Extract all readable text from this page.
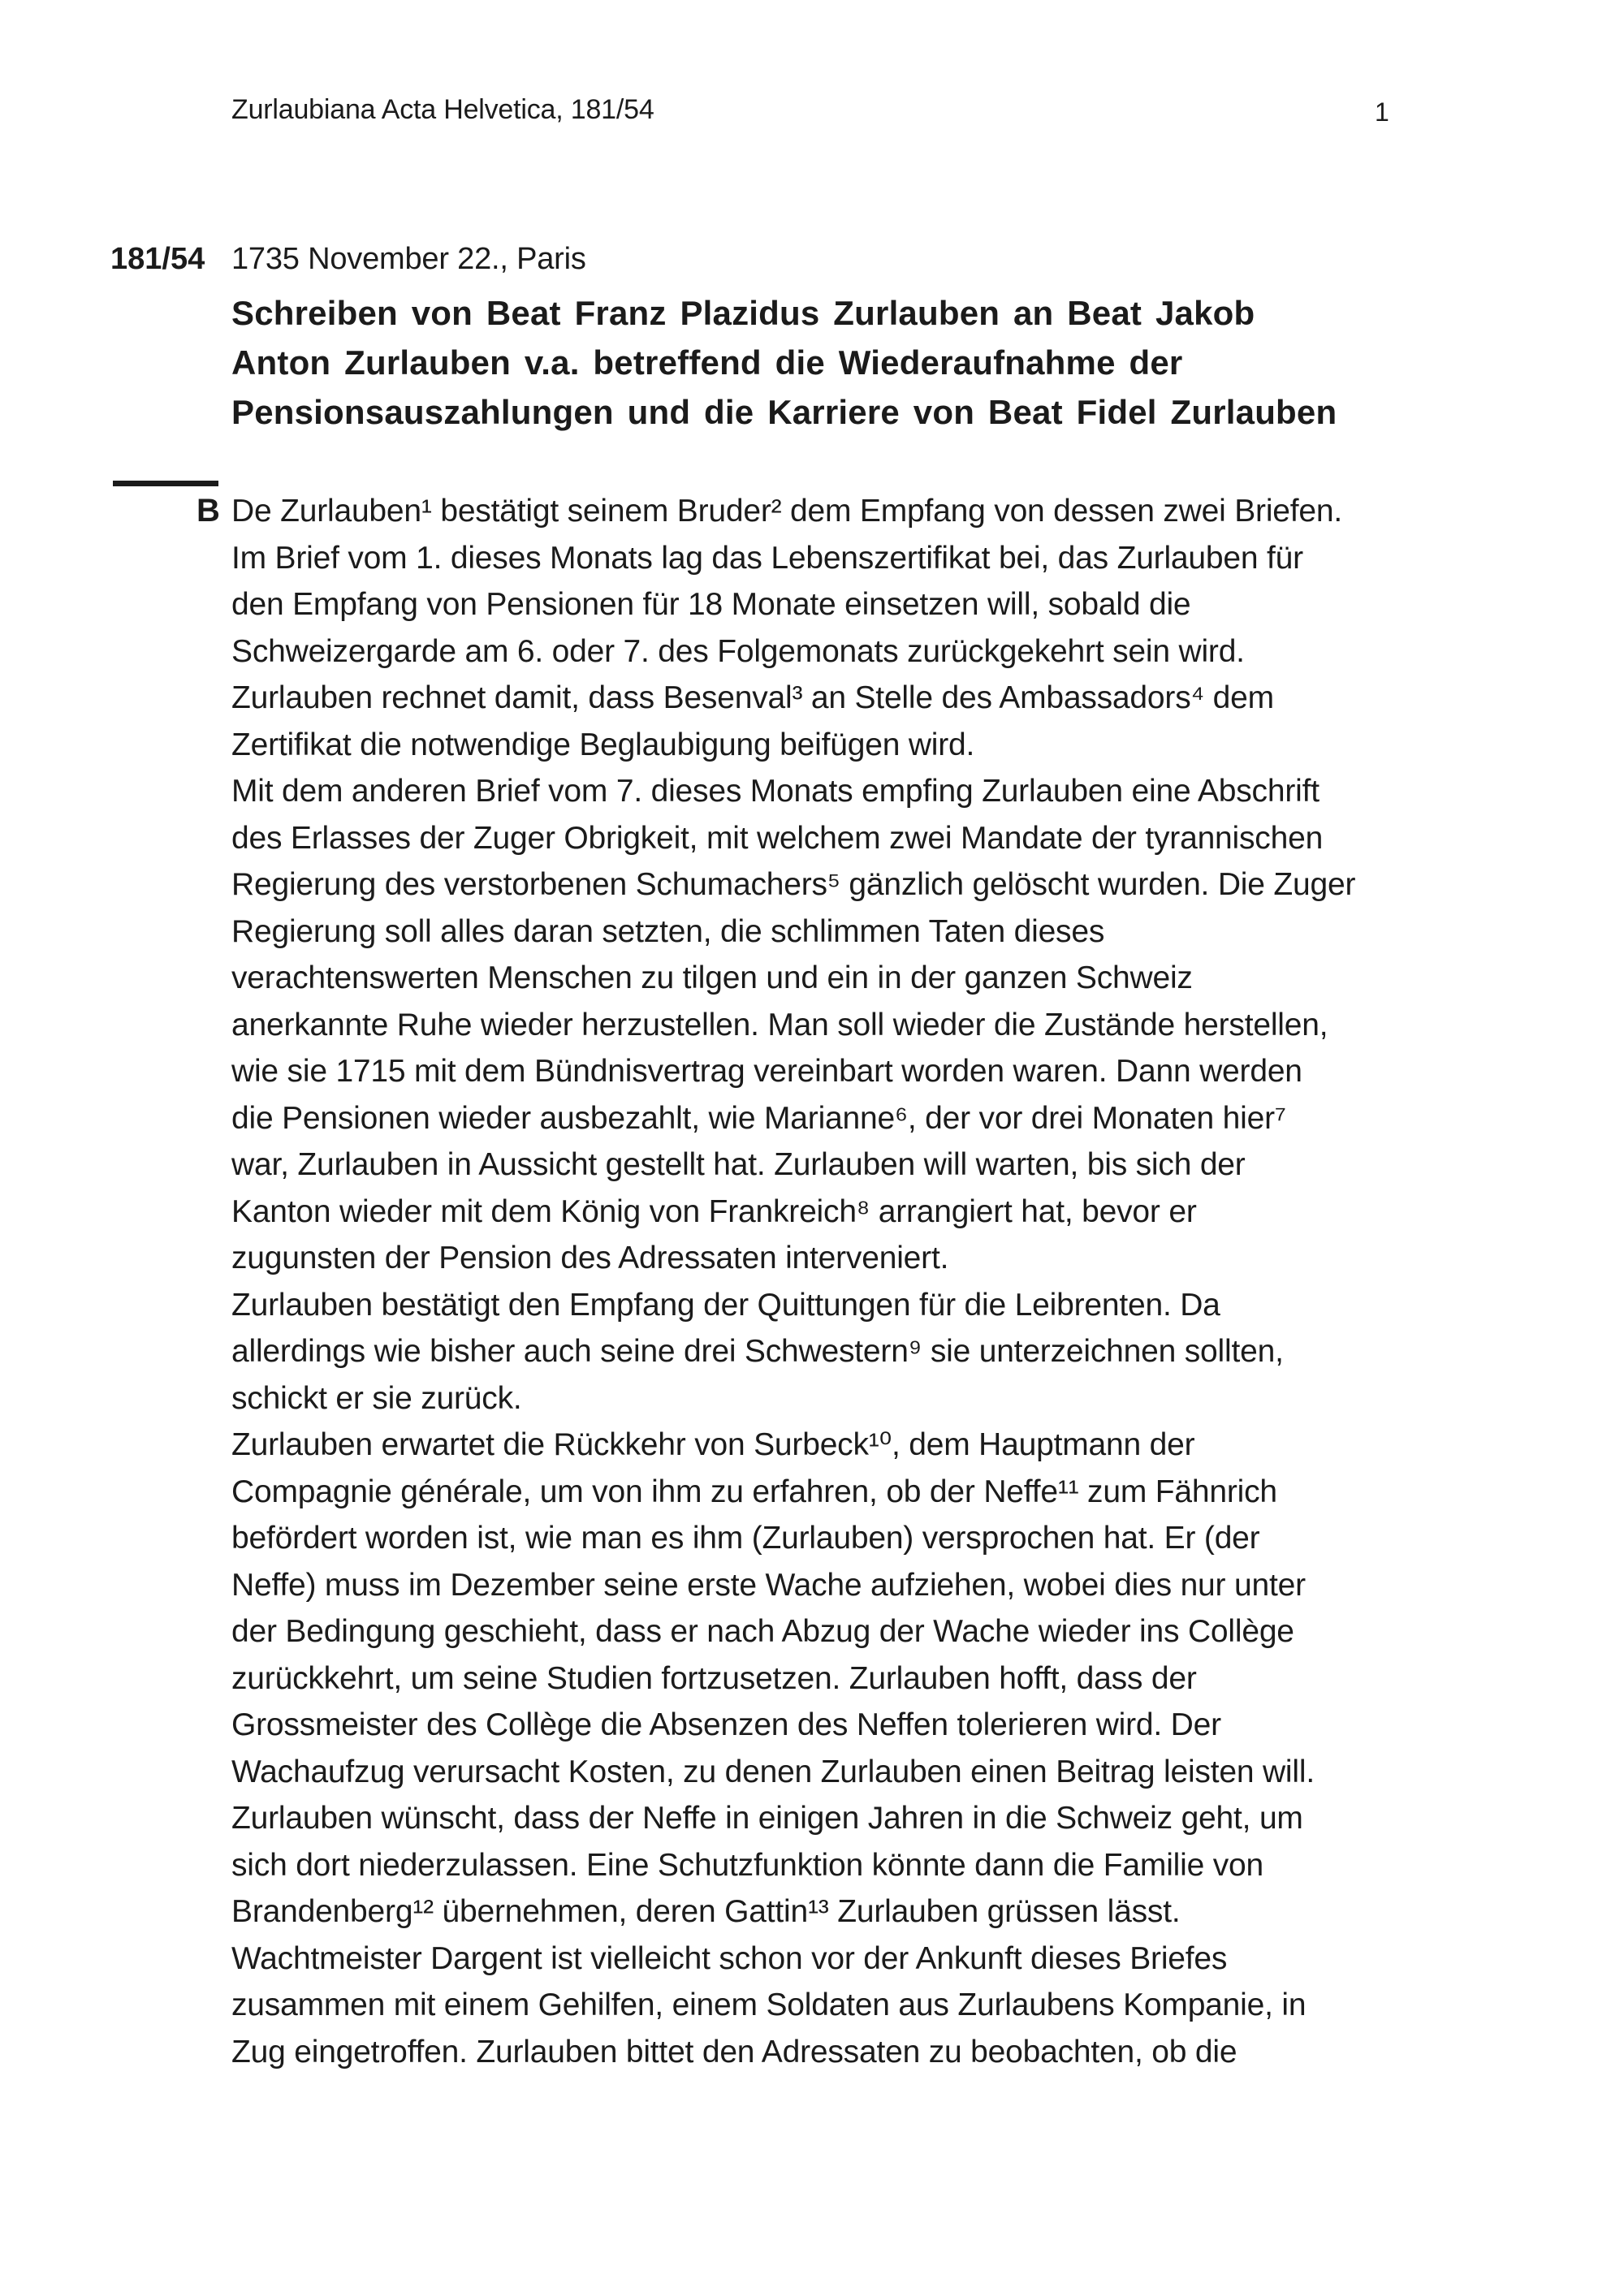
Zurlaubiana Acta Helvetica, 181/54	1
181/54 1735 November 22., Paris
Schreiben von Beat Franz Plazidus Zurlauben an Beat Jakob
Anton Zurlauben v.a. betreffend die Wiederaufnahme der
Pensionsauszahlungen und die Karriere von Beat Fidel Zurlauben
B De Zurlauben¹ bestätigt seinem Bruder² dem Empfang von dessen zwei Briefen.
Im Brief vom 1. dieses Monats lag das Lebenszertifikat bei, das Zurlauben für
den Empfang von Pensionen für 18 Monate einsetzen will, sobald die
Schweizergarde am 6. oder 7. des Folgemonats zurückgekehrt sein wird.
Zurlauben rechnet damit, dass Besenval³ an Stelle des Ambassadors⁴ dem
Zertifikat die notwendige Beglaubigung beifügen wird.
Mit dem anderen Brief vom 7. dieses Monats empfing Zurlauben eine Abschrift
des Erlasses der Zuger Obrigkeit, mit welchem zwei Mandate der tyrannischen
Regierung des verstorbenen Schumachers⁵ gänzlich gelöscht wurden. Die Zuger
Regierung soll alles daran setzten, die schlimmen Taten dieses
verachtenswerten Menschen zu tilgen und ein in der ganzen Schweiz
anerkannte Ruhe wieder herzustellen. Man soll wieder die Zustände herstellen,
wie sie 1715 mit dem Bündnisvertrag vereinbart worden waren. Dann werden
die Pensionen wieder ausbezahlt, wie Marianne⁶, der vor drei Monaten hier⁷
war, Zurlauben in Aussicht gestellt hat. Zurlauben will warten, bis sich der
Kanton wieder mit dem König von Frankreich⁸ arrangiert hat, bevor er
zugunsten der Pension des Adressaten interveniert.
Zurlauben bestätigt den Empfang der Quittungen für die Leibrenten. Da
allerdings wie bisher auch seine drei Schwestern⁹ sie unterzeichnen sollten,
schickt er sie zurück.
Zurlauben erwartet die Rückkehr von Surbeck¹⁰, dem Hauptmann der
Compagnie générale, um von ihm zu erfahren, ob der Neffe¹¹ zum Fähnrich
befördert worden ist, wie man es ihm (Zurlauben) versprochen hat. Er (der
Neffe) muss im Dezember seine erste Wache aufziehen, wobei dies nur unter
der Bedingung geschieht, dass er nach Abzug der Wache wieder ins Collège
zurückkehrt, um seine Studien fortzusetzen. Zurlauben hofft, dass der
Grossmeister des Collège die Absenzen des Neffen tolerieren wird. Der
Wachaufzug verursacht Kosten, zu denen Zurlauben einen Beitrag leisten will.
Zurlauben wünscht, dass der Neffe in einigen Jahren in die Schweiz geht, um
sich dort niederzulassen. Eine Schutzfunktion könnte dann die Familie von
Brandenberg¹² übernehmen, deren Gattin¹³ Zurlauben grüssen lässt.
Wachtmeister Dargent ist vielleicht schon vor der Ankunft dieses Briefes
zusammen mit einem Gehilfen, einem Soldaten aus Zurlaubens Kompanie, in
Zug eingetroffen. Zurlauben bittet den Adressaten zu beobachten, ob die
